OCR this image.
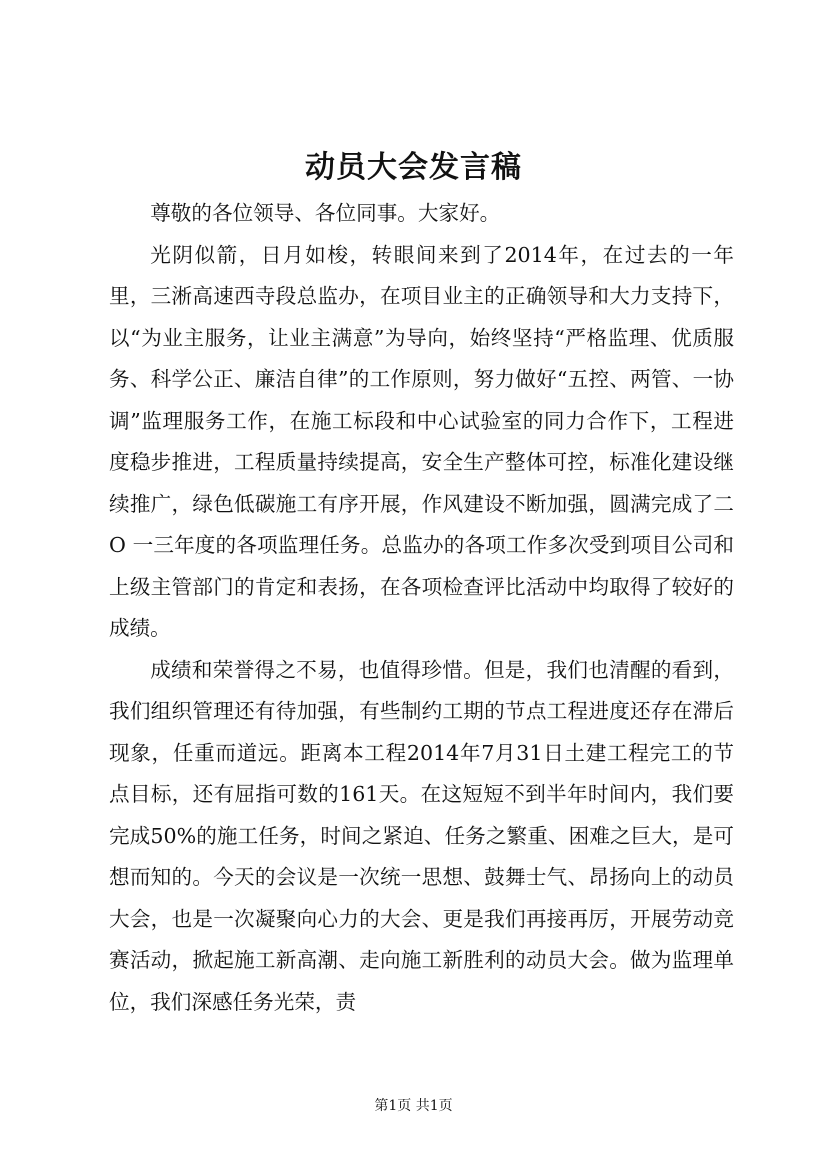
动员大会发言稿

尊敬的各位领导、各位同事。大家好。

光阴似箭，日月如梭，转眼间来到了2014年，在过去的一年里，三淅高速西寺段总监办，在项目业主的正确领导和大力支持下，以“为业主服务，让业主满意”为导向，始终坚持“严格监理、优质服务、科学公正、廉洁自律”的工作原则，努力做好“五控、两管、一协调”监理服务工作，在施工标段和中心试验室的同力合作下，工程进度稳步推进，工程质量持续提高，安全生产整体可控，标准化建设继续推广，绿色低碳施工有序开展，作风建设不断加强，圆满完成了二 O 一三年度的各项监理任务。总监办的各项工作多次受到项目公司和上级主管部门的肯定和表扬，在各项检查评比活动中均取得了较好的成绩。

成绩和荣誉得之不易，也值得珍惜。但是，我们也清醒的看到，我们组织管理还有待加强，有些制约工期的节点工程进度还存在滞后现象，任重而道远。距离本工程2014年7月31日土建工程完工的节点目标，还有屈指可数的161天。在这短短不到半年时间内，我们要完成50%的施工任务，时间之紧迫、任务之繁重、困难之巨大，是可想而知的。今天的会议是一次统一思想、鼓舞士气、昂扬向上的动员大会，也是一次凝聚向心力的大会、更是我们再接再厉，开展劳动竞赛活动，掀起施工新高潮、走向施工新胜利的动员大会。做为监理单位，我们深感任务光荣，责

第1页 共1页
